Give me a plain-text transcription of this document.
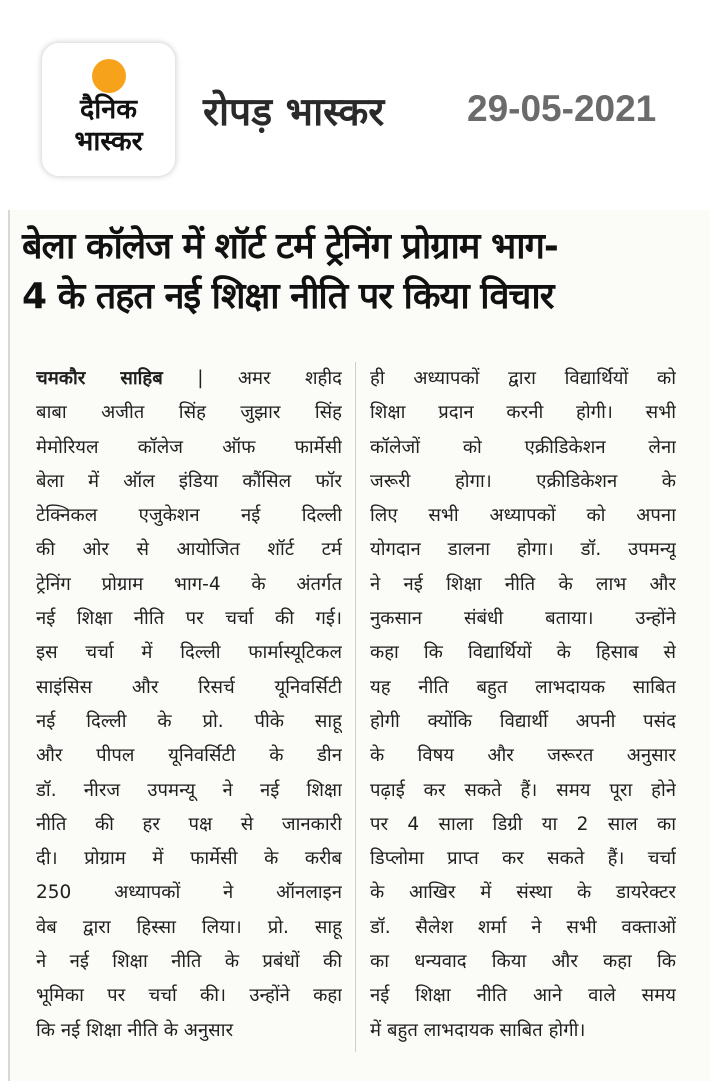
दैनिक
भास्कर
रोपड़ भास्कर 29-05-2021
बेला कॉलेज में शॉर्ट टर्म ट्रेनिंग प्रोग्राम भाग-
4 के तहत नई शिक्षा नीति पर किया विचार
चमकौर साहिब | अमर शहीद
बाबा अजीत सिंह जुझार सिंह
मेमोरियल कॉलेज ऑफ फार्मेसी
बेला में ऑल इंडिया कौंसिल फॉर
टेक्निकल एजुकेशन नई दिल्ली
की ओर से आयोजित शॉर्ट टर्म
ट्रेनिंग प्रोग्राम भाग-4 के अंतर्गत
नई शिक्षा नीति पर चर्चा की गई।
इस चर्चा में दिल्ली फार्मास्यूटिकल
साइंसिस और रिसर्च यूनिवर्सिटी
नई दिल्ली के प्रो. पीके साहू
और पीपल यूनिवर्सिटी के डीन
डॉ. नीरज उपमन्यू ने नई शिक्षा
नीति की हर पक्ष से जानकारी
दी। प्रोग्राम में फार्मेसी के करीब
250 अध्यापकों ने ऑनलाइन
वेब द्वारा हिस्सा लिया। प्रो. साहू
ने नई शिक्षा नीति के प्रबंधों की
भूमिका पर चर्चा की। उन्होंने कहा
कि नई शिक्षा नीति के अनुसार
ही अध्यापकों द्वारा विद्यार्थियों को
शिक्षा प्रदान करनी होगी। सभी
कॉलेजों को एक्रीडिकेशन लेना
जरूरी होगा। एक्रीडिकेशन के
लिए सभी अध्यापकों को अपना
योगदान डालना होगा। डॉ. उपमन्यू
ने नई शिक्षा नीति के लाभ और
नुकसान संबंधी बताया। उन्होंने
कहा कि विद्यार्थियों के हिसाब से
यह नीति बहुत लाभदायक साबित
होगी क्योंकि विद्यार्थी अपनी पसंद
के विषय और जरूरत अनुसार
पढ़ाई कर सकते हैं। समय पूरा होने
पर 4 साला डिग्री या 2 साल का
डिप्लोमा प्राप्त कर सकते हैं। चर्चा
के आखिर में संस्था के डायरेक्टर
डॉ. सैलेश शर्मा ने सभी वक्ताओं
का धन्यवाद किया और कहा कि
नई शिक्षा नीति आने वाले समय
में बहुत लाभदायक साबित होगी।
